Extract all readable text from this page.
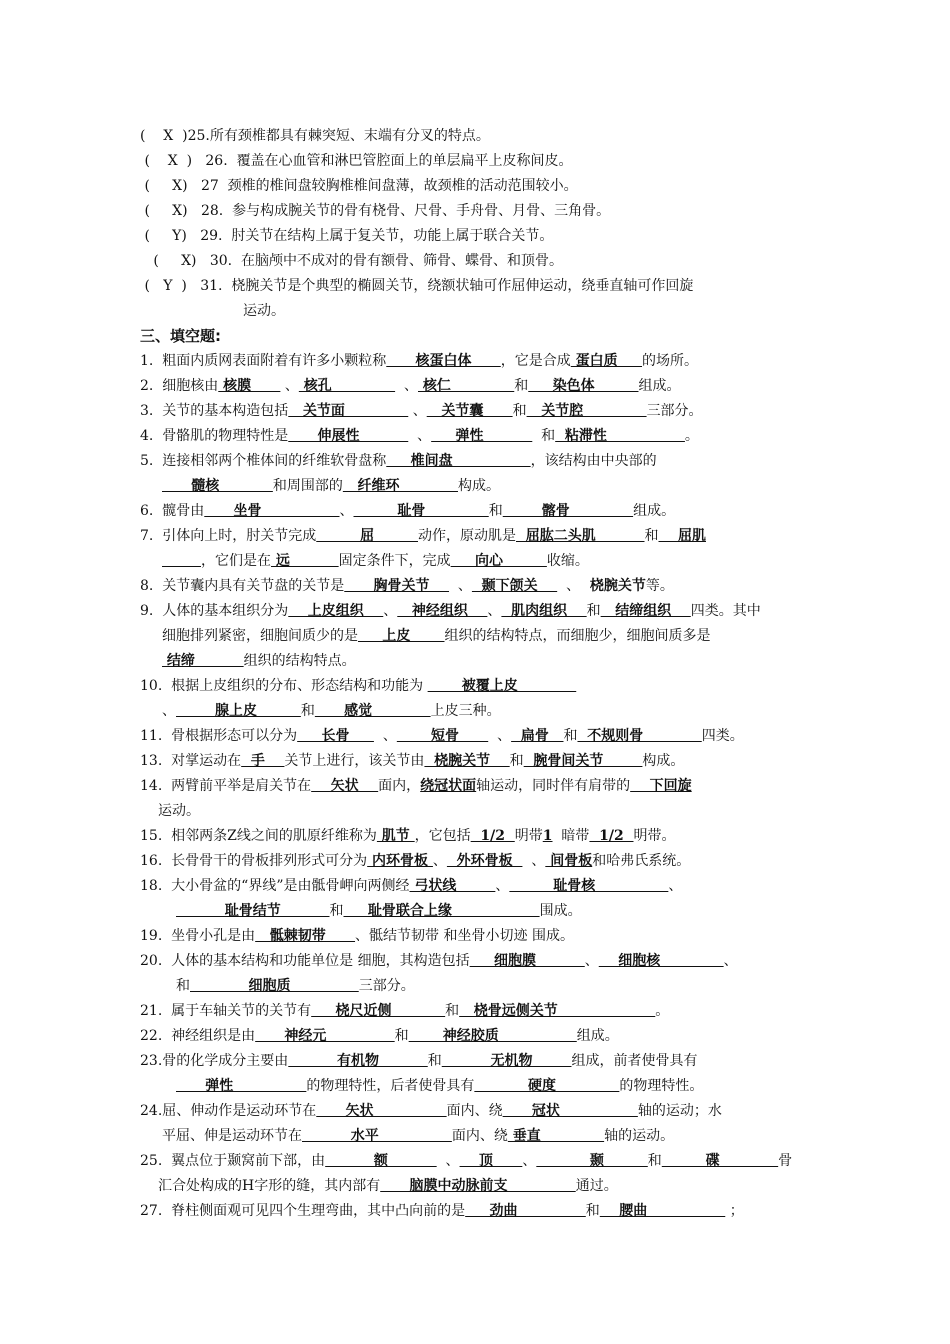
(    X  )25.所有颈椎都具有棘突短、末端有分叉的特点。
(    X  )   26.  覆盖在心血管和淋巴管腔面上的单层扁平上皮称间皮。
(     X)   27  颈椎的椎间盘较胸椎椎间盘薄，故颈椎的活动范围较小。
(     X)   28.  参与构成腕关节的骨有桡骨、尺骨、手舟骨、月骨、三角骨。
(     Y)   29.  肘关节在结构上属于复关节，功能上属于联合关节。
(     X)   30.  在脑颅中不成对的骨有额骨、筛骨、蝶骨、和顶骨。
(   Y  )   31.  桡腕关节是个典型的椭圆关节，绕额状轴可作屈伸运动，绕垂直轴可作回旋
运动。
三、填空题:
1.  粗面内质网表面附着有许多小颗粒称      核蛋白体      ，它是合成 蛋白质     的场所。
2.  细胞核由 核膜       、 核孔               、 核仁             和     染色体         组成。
3.  关节的基本构造包括   关节面              、   关节囊      和   关节腔             三部分。
4.  骨骼肌的物理特性是      伸展性            、     弹性            和  粘滞性                。
5.  连接相邻两个椎体间的纤维软骨盘称     椎间盘                ，该结构由中央部的
髓核           和周围部的   纤维环            构成。
6.  髋骨由      坐骨                、         耻骨             和        髂骨             组成。
7.  引体向上时，肘关节完成         屈         动作，原动肌是  屈肱二头肌          和    屈肌
，它们是在 远          固定条件下，完成     向心         收缩。
8.  关节囊内具有关节盘的关节是      胸骨关节      、  颞下颌关      、  桡腕关节等。
9.  人体的基本组织分为    上皮组织    、   神经组织    、  肌肉组织    和   结缔组织    四类。其中
细胞排列紧密，细胞间质少的是     上皮       组织的结构特点，而细胞少，细胞间质多是
结缔          组织的结构特点。
10.  根据上皮组织的分布、形态结构和功能为        被覆上皮
、        腺上皮         和      感觉            上皮三种。
11.  骨根据形态可以分为     长骨       、       短骨        、  扁骨   和  不规则骨            四类。
13.  对掌运动在  手    关节上进行，该关节由  桡腕关节    和  腕骨间关节        构成。
14.  两臂前平举是肩关节在    矢状    面内，绕冠状面轴运动，同时伴有肩带的    下回旋
运动。
15.  相邻两条Z线之间的肌原纤维称为 肌节 ，它包括  1/2  明带1  暗带  1/2  明带。
16.  长骨骨干的骨板排列形式可分为 内环骨板 、  外环骨板    、 间骨板和哈弗氏系统。
18.  大小骨盆的“界线”是由骶骨岬向两侧经 弓状线        、         耻骨核               、
耻骨结节          和     耻骨联合上缘                  围成。
19.  坐骨小孔是由   骶棘韧带      、骶结节韧带 和坐骨小切迹 围成。
20.  人体的基本结构和功能单位是 细胞，其构造包括     细胞膜          、    细胞核             、
和            细胞质              三部分。
21.  属于车轴关节的关节有     桡尺近侧           和   桡骨远侧关节                    。
22.  神经组织是由      神经元              和       神经胶质                组成。
23.骨的化学成分主要由          有机物          和          无机物        组成，前者使骨具有
弹性               的物理特性，后者使骨具有           硬度             的物理特性。
24.屈、伸动作是运动环节在      矢状               面内、绕      冠状                轴的运动；水
平屈、伸是运动环节在          水平               面内、绕 垂直             轴的运动。
25.  翼点位于颞窝前下部，由          额            、    顶      、           颞         和         碟            骨
汇合处构成的H字形的缝，其内部有      脑膜中动脉前支              通过。
27.  脊柱侧面观可见四个生理弯曲，其中凸向前的是     劲曲              和    腰曲                 ；
